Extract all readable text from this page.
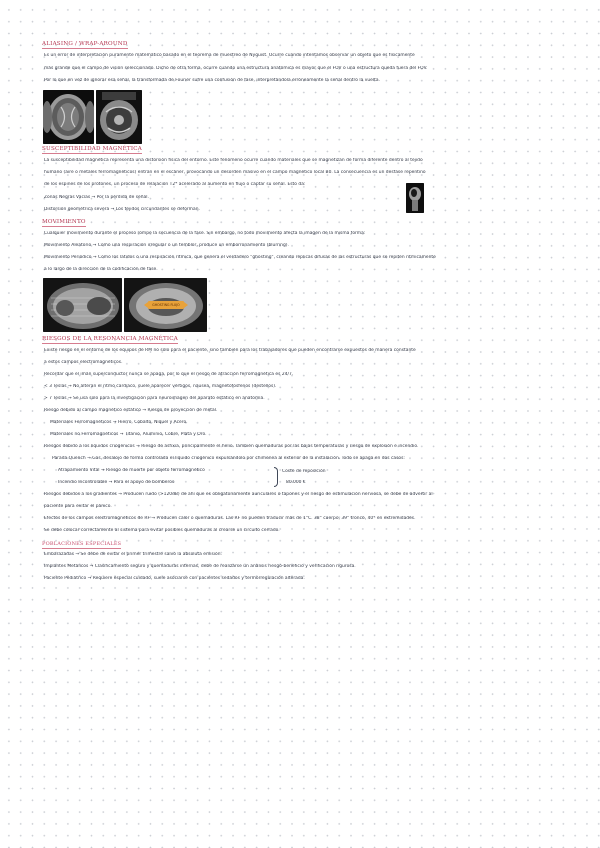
ALIASING / WRAP-AROUND
Es un error de interpretación puramente matemático basado en el teorema de muestreo de Nyquist. Ocurre cuando intentamos observar un objeto que es físicamente
más grande que el campo de visión seleccionado. Dicho de otra forma, ocurre cuando una estructura anatómica es mayor que el FOV o una estructura queda fuera del FOV.
Por lo que en vez de ignorar esa señal, la transformada de Fourier sufre una confusión de fase, interpretándola erróneamente la señal dentro la vuelta.
SUSCEPTIBILIDAD MAGNÉTICA
La susceptibilidad magnética representa una distorsión física del entorno. Este fenómeno ocurre cuando materiales que se magnetizan de forma diferente dentro al tejido
humano (aire o metales ferromagnéticos) entran en el escáner, provocando un desorden masivo en el campo magnético local B0. La consecuencia es un desfase repentino
de los espines de los protones, un proceso de relajación T2* acelerado al aumento en flujo o captar su señal. Esto da:
Zonas Negras Vacías → Por la pérdida de señal.
Distorsión geométrica severa → Los tejidos circundantes se deforman.
MOVIMIENTO
Cualquier movimiento durante el proceso rompe la secuencia de la fase. Sin embargo, no todo movimiento afecta la imagen de la misma forma:
Movimiento Aleatorio → Como una respiración irregular o un temblor, produce un emborronamiento (blurring).
Movimiento Periódico → Como los latidos o una respiración rítmica, que genera el verdadero "ghosting", creando réplicas difusas de las estructuras que se repiten ritmicamente
a lo largo de la dirección de la codificación de fase.
GHOSTING FLUJO
RIESGOS DE LA RESONANCIA MAGNÉTICA
Existe riesgo en el entorno de los equipos de RM no sólo para el paciente, sino también para los trabajadores que pueden encontrarse expuestos de manera constante
a estos campos electromagnéticos.
Recordar que el imán superconductor nunca se apaga, por lo que el riesgo de atracción ferromagnética es 24/7.
< 3 Teslas → No alteran el ritmo cardiaco, suele aparecer vértigos, náusea, magnetofosfenos (destellos).
> 7 Teslas → Se usa solo para la investigación para neuroimagen del aparato estático en anatomía.
Riesgo debido al campo magnético estático → Riesgo de proyección de metal.
Materiales Ferromagnéticos → Hierro, Cobalto, Níquel y Acero.
Materiales no Ferromagnéticos → Titanio, Aluminio, Cobre, Plata y Oro.
Riesgos debido a los líquidos criogénicos → Riesgo de asfixia, principalmente el helio. También quemaduras por las bajas temperaturas y riesgo de explosión e incendio.
Parada Quench → Gas, desalojo de forma controlada el líquido criogénico expulsándolo por chimenea al exterior de la instalación. Todo se apaga en dos casos:
Atrapamiento Vital → Riesgo de muerte por objeto ferromagnético
Incendio Incontrolable → Para el apoyo de bomberos
Coste de reposición
80.000 €
Riesgos debidos a los gradientes → Producen ruido (>120dB) de ahí que es obligatoriamente auriculares o tapones y el riesgo de estimulación nerviosa, se debe de advertir al
paciente para evitar el pánico.
Efectos de los campos electromagnéticos de RF → Producen calor o quemaduras. Las RF no pueden traducir más de 1°C. 38° cuerpo, 39° tronco, 40° en extremidades.
Se debe colocar correctamente al sistema para evitar posibles quemaduras al crearse un circuito cerrado.
POBLACIONES ESPECIALES
Embarazadas → Se debe de evitar el primer trimestre salvo la absoluta emisión.
Implantes Metálicos → Clasificamiento seguro y quemaduras internas, debe de realizarse un análisis riesgo-beneficio y verificación rigurosa.
Paciente Pediátrico → Requiere especial cuidado, suele asociarse con pacientes sedados y termorregulación alterada.
